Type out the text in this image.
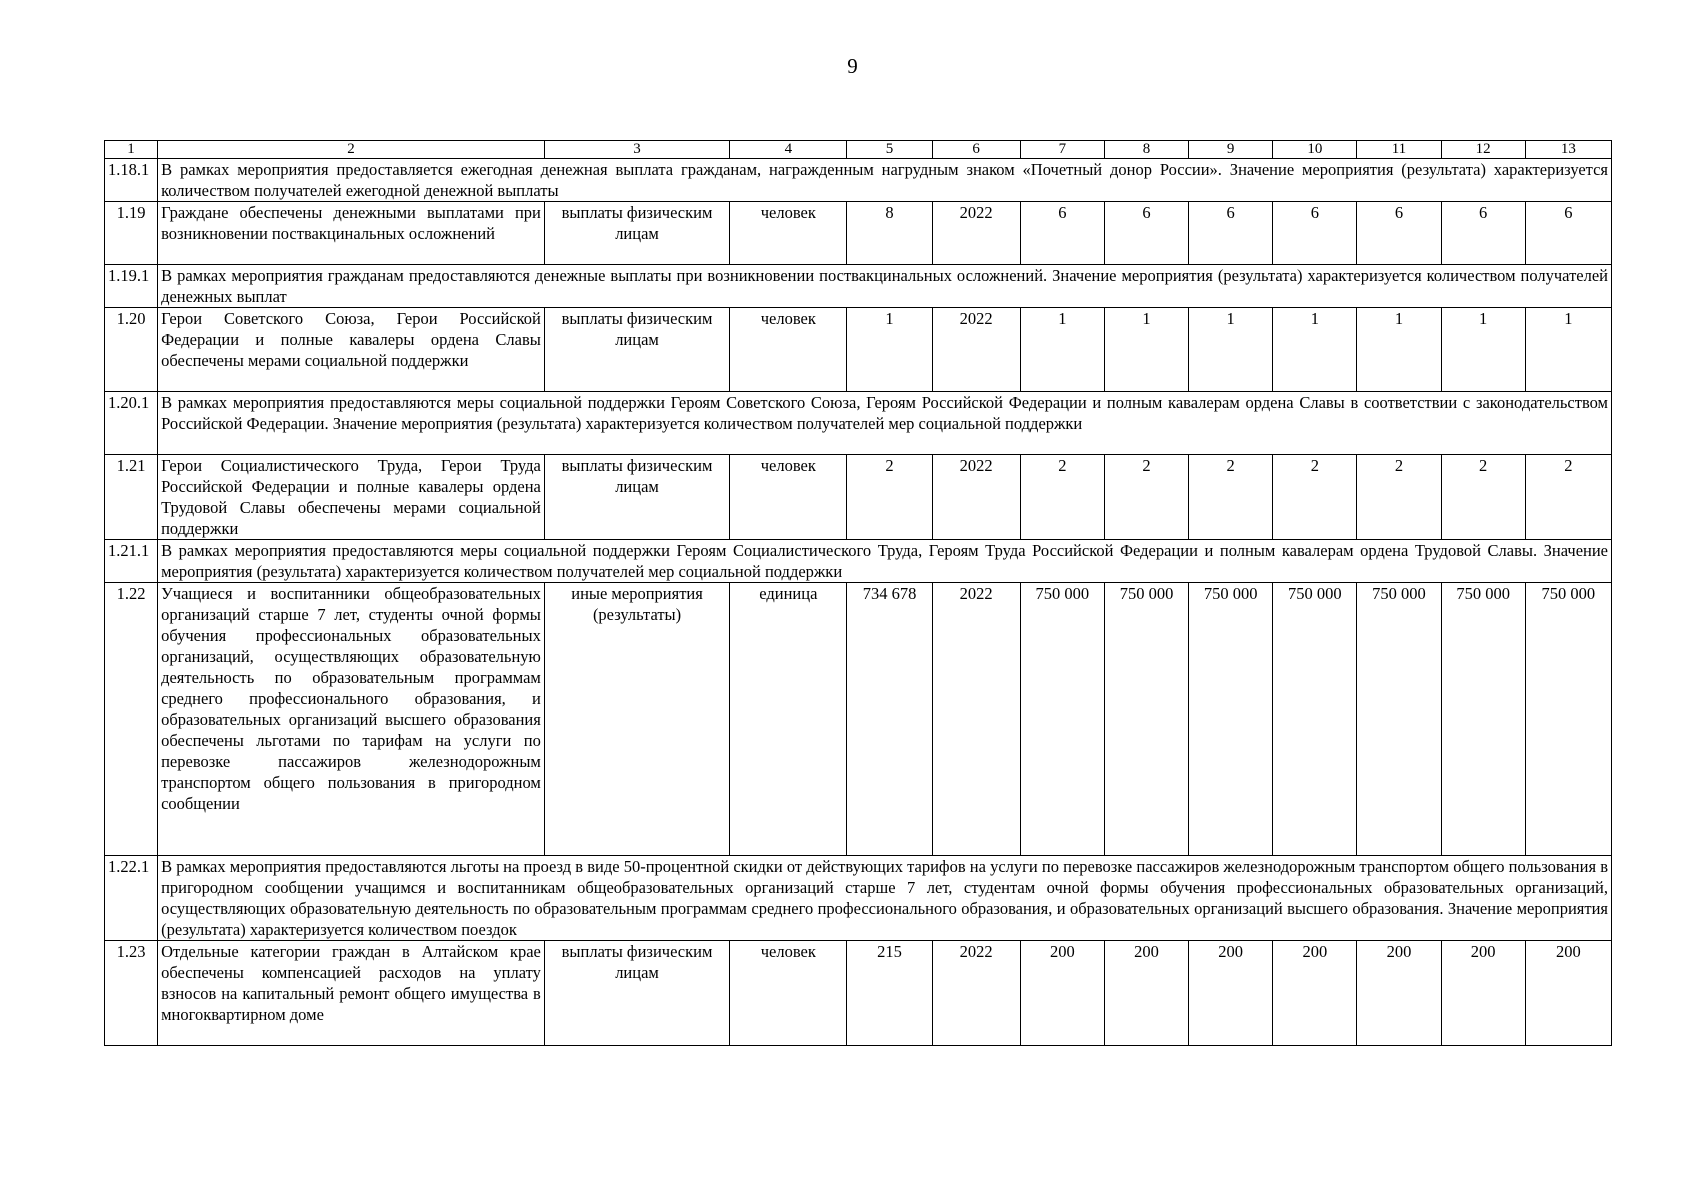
9
1	2	3	4	5	6	7	8	9	10	11	12	13
1.18.1	В рамках мероприятия предоставляется ежегодная денежная выплата гражданам, награжденным нагрудным знаком «Почетный донор России». Значение мероприятия (результата) характеризуется количеством получателей ежегодной денежной выплаты											
1.19	Граждане обеспечены денежными выплатами при возникновении поствакцинальных осложнений	выплаты физическим лицам	человек	8	2022	6	6	6	6	6	6	6
1.19.1	В рамках мероприятия гражданам предоставляются денежные выплаты при возникновении поствакцинальных осложнений. Значение мероприятия (результата) характеризуется количеством получателей денежных выплат											
1.20	Герои Советского Союза, Герои Российской Федерации и полные кавалеры ордена Славы обеспечены мерами социальной поддержки	выплаты физическим лицам	человек	1	2022	1	1	1	1	1	1	1
1.20.1	В рамках мероприятия предоставляются меры социальной поддержки Героям Советского Союза, Героям Российской Федерации и полным кавалерам ордена Славы в соответствии с законодательством Российской Федерации. Значение мероприятия (результата) характеризуется количеством получателей мер социальной поддержки											
1.21	Герои Социалистического Труда, Герои Труда Российской Федерации и полные кавалеры ордена Трудовой Славы обеспечены мерами социальной поддержки	выплаты физическим лицам	человек	2	2022	2	2	2	2	2	2	2
1.21.1	В рамках мероприятия предоставляются меры социальной поддержки Героям Социалистического Труда, Героям Труда Российской Федерации и полным кавалерам ордена Трудовой Славы. Значение мероприятия (результата) характеризуется количеством получателей мер социальной поддержки											
1.22	Учащиеся и воспитанники общеобразовательных организаций старше 7 лет, студенты очной формы обучения профессиональных образовательных организаций, осуществляющих образовательную деятельность по образовательным программам среднего профессионального образования, и образовательных организаций высшего образования обеспечены льготами по тарифам на услуги по перевозке пассажиров железнодорожным транспортом общего пользования в пригородном сообщении	иные мероприятия (результаты)	единица	734 678	2022	750 000	750 000	750 000	750 000	750 000	750 000	750 000
1.22.1	В рамках мероприятия предоставляются льготы на проезд в виде 50-процентной скидки от действующих тарифов на услуги по перевозке пассажиров железнодорожным транспортом общего пользования в пригородном сообщении учащимся и воспитанникам общеобразовательных организаций старше 7 лет, студентам очной формы обучения профессиональных образовательных организаций, осуществляющих образовательную деятельность по образовательным программам среднего профессионального образования, и образовательных организаций высшего образования. Значение мероприятия (результата) характеризуется количеством поездок											
1.23	Отдельные категории граждан в Алтайском крае обеспечены компенсацией расходов на уплату взносов на капитальный ремонт общего имущества в многоквартирном доме	выплаты физическим лицам	человек	215	2022	200	200	200	200	200	200	200
